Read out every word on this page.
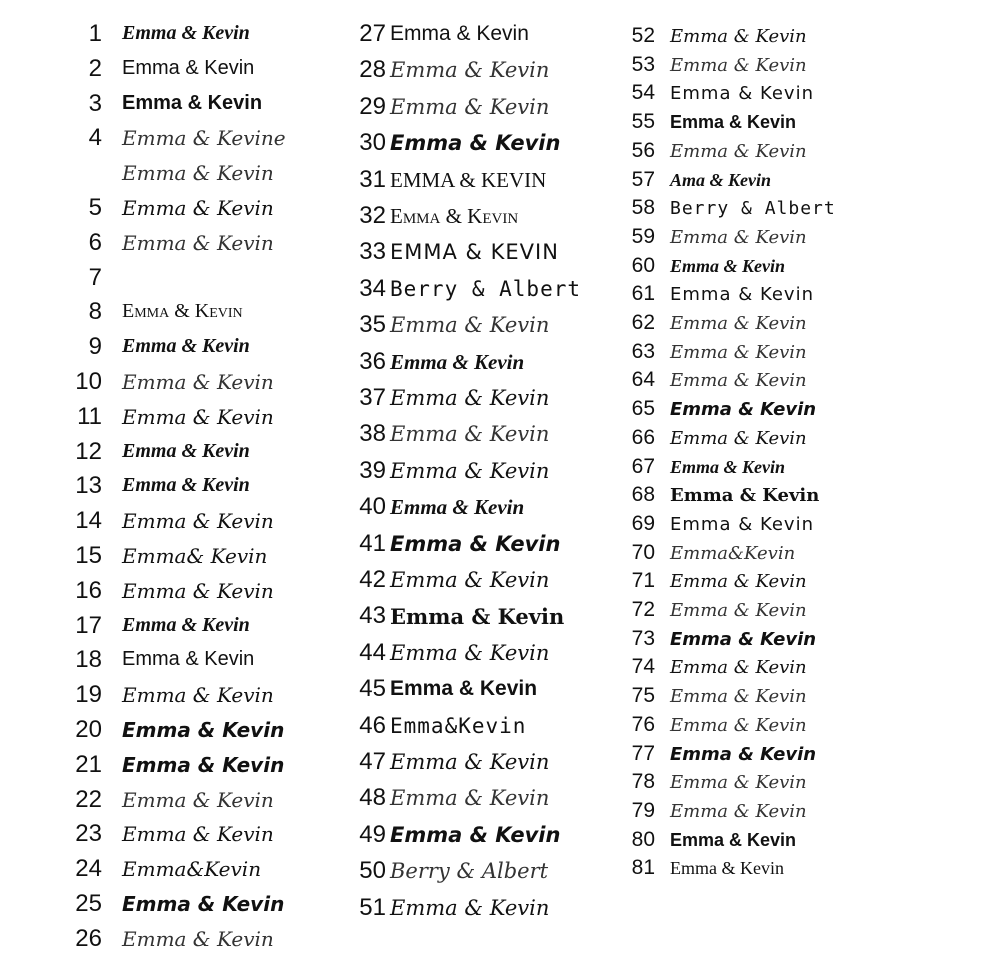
1 Emma & Kevin
2 Emma & Kevin
3 Emma & Kevin
4 Emma & Kevine
Emma & Kevin
5 Emma & Kevin
6 Emma & Kevin
7
8 Emma & Kevin
9 Emma & Kevin
10 Emma & Kevin
11 Emma & Kevin
12 Emma & Kevin
13 Emma & Kevin
14 Emma & Kevin
15 Emma& Kevin
16 Emma & Kevin
17 Emma & Kevin
18 Emma & Kevin
19 Emma & Kevin
20 Emma & Kevin
21 Emma & Kevin
22 Emma & Kevin
23 Emma & Kevin
24 Emma&Kevin
25 Emma & Kevin
26 Emma & Kevin
27 Emma & Kevin
28 Emma & Kevin
29 Emma & Kevin
30 Emma & Kevin
31 EMMA & KEVIN
32 Emma & Kevin
33 EMMA & KEVIN
34 Berry & Albert
35 Emma & Kevin
36 Emma & Kevin
37 Emma & Kevin
38 Emma & Kevin
39 Emma & Kevin
40 Emma & Kevin
41 Emma & Kevin
42 Emma & Kevin
43 Emma & Kevin
44 Emma & Kevin
45 Emma & Kevin
46 Emma&Kevin
47 Emma & Kevin
48 Emma & Kevin
49 Emma & Kevin
50 Berry & Albert
51 Emma & Kevin
52 Emma & Kevin
53 Emma & Kevin
54 Emma & Kevin
55 Emma & Kevin
56 Emma & Kevin
57 Ama & Kevin
58 Berry & Albert
59 Emma & Kevin
60 Emma & Kevin
61 Emma & Kevin
62 Emma & Kevin
63 Emma & Kevin
64 Emma & Kevin
65 Emma & Kevin
66 Emma & Kevin
67 Emma & Kevin
68 Emma & Kevin
69 Emma & Kevin
70 Emma&Kevin
71 Emma & Kevin
72 Emma & Kevin
73 Emma & Kevin
74 Emma & Kevin
75 Emma & Kevin
76 Emma & Kevin
77 Emma & Kevin
78 Emma & Kevin
79 Emma & Kevin
80 Emma & Kevin
81 Emma & Kevin
